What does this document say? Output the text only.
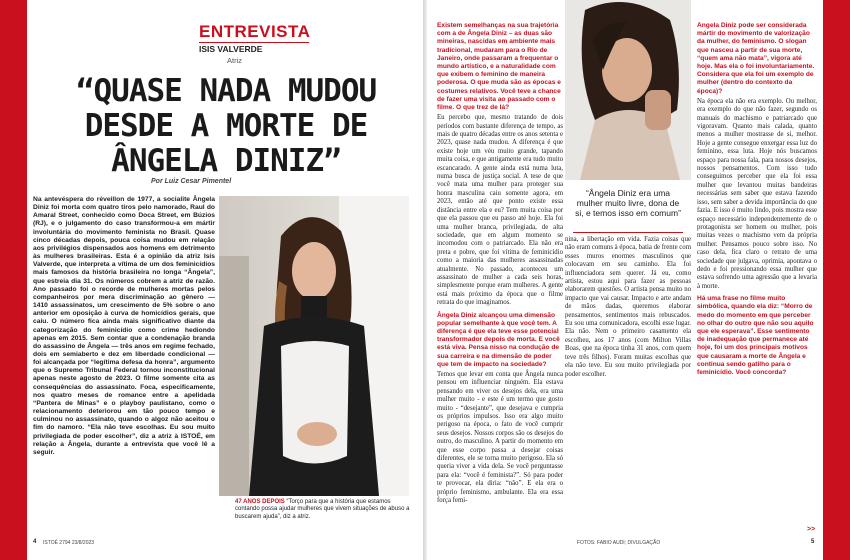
ENTREVISTA
ISIS VALVERDE
Atriz
“QUASE NADA MUDOU DESDE A MORTE DE ÂNGELA DINIZ”
Por Luiz Cesar Pimentel
Na antevéspera do réveillon de 1977, a socialite Ângela Diniz foi morta com quatro tiros pelo namorado, Raul do Amaral Street, conhecido como Doca Street, em Búzios (RJ), e o julgamento do caso transformou-a em mártir involuntária do movimento feminista no Brasil. Quase cinco décadas depois, pouca coisa mudou em relação aos privilégios dispensados aos homens em detrimento às mulheres brasileiras. Esta é a opinião da atriz Isis Valverde, que interpreta a vítima de um dos feminicídios mais famosos da história brasileira no longa “Ângela”, que estreia dia 31. Os números cobrem a atriz de razão. Ano passado foi o recorde de mulheres mortas pelos companheiros por mera discriminação ao gênero — 1410 assassinatos, um crescimento de 5% sobre o ano anterior em oposição à curva de homicídios gerais, que caiu. O número fica ainda mais significativo diante da categorização do feminicídio como crime hediondo apenas em 2015. Sem contar que a condenação branda do assassino de Ângela — três anos em regime fechado, dois em semiaberto e dez em liberdade condicional — foi alcançada por “legítima defesa da honra”, argumento que o Supremo Tribunal Federal tornou inconstitucional apenas neste agosto de 2023. O filme somente cita as consequências do assassinato. Foca, especificamente, nos quatro meses de romance entre a apelidada “Pantera de Minas” e o playboy paulistano, como o relacionamento deteriorou em tão pouco tempo e culminou no assassinato, quando o algoz não aceitou o fim do namoro. “Ela não teve escolhas. Eu sou muito privilegiada de poder escolher”, diz a atriz à ISTOÉ, em relação a Ângela, durante a entrevista que você lê a seguir.
47 ANOS DEPOIS “Torço para que a história que estamos contando possa ajudar mulheres que vivem situações de abuso a buscarem ajuda”, diz a atriz.
4 ISTOÉ 2794 23/8/2023

Existem semelhanças na sua trajetória com a de Ângela Diniz – as duas são mineiras, nascidas em ambiente mais tradicional, mudaram para o Rio de Janeiro, onde passaram a frequentar o mundo artístico, e a naturalidade com que exibem o feminino de maneira poderosa. O que muda são as épocas e costumes relativos. Você teve a chance de fazer uma visita ao passado com o filme. O que trez de lá?

Eu percebo que, mesmo tratando de dois períodos com bastante diferença de tempo, as mais de quatro décadas entre os anos setenta e 2023, quase nada mudou. A diferença é que existe hoje um véu muito grande, tapando muita coisa, e que antigamente era tudo muito escancarado. A gente ainda está numa luta, numa busca de justiça social. A tese de que você mata uma mulher para proteger sua honra masculina caiu somente agora, em 2023, então até que ponto existe essa distância entre ela e eu? Tem muita coisa por que ela passou que eu passo até hoje. Ela foi uma mulher branca, privilegiada, de alta sociedade, que em algum momento se incomodou com o patriarcado. Ela não era preta e pobre, que foi vítima de feminicídio como a maioria das mulheres assassinadas atualmente. No passado, aconteceu um assassinato de mulher a cada seis horas, simplesmente porque eram mulheres. A gente está mais próximo da época que o filme retrata do que imaginamos.

Ângela Diniz alcançou uma dimensão popular semelhante à que você tem. A diferença é que ela teve esse potencial transformador depois de morta. E você está viva. Pensa nisso na condução de sua carreira e na dimensão de poder que tem de impacto na sociedade?

Temos que levar em conta que Ângela nunca pensou em influenciar ninguém. Ela estava pensando em viver os desejos dela, era uma mulher muito - e este é um termo que gosto muito - “desejante”, que desejava e cumpria os próprios impulsos. Isso era algo muito perigoso na época, o fato de você cumprir seus desejos. Nossos corpos são os desejos do outro, do masculino. A partir do momento em que esse corpo passa a desejar coisas diferentes, ele se torna muito perigoso. Ela só queria viver a vida dela. Se você perguntasse para ela: “você é feminista?”. Só para poder te provocar, ela diria: “não”. E ela era o próprio feminismo, ambulante. Ela era essa força femi-

“Ângela Diniz era uma mulher muito livre, dona de si, e temos isso em comum”

nina, a libertação em vida. Fazia coisas que não eram comuns à época, batia de frente com esses muros enormes masculinos que colocavam em seu caminho. Ela foi influenciadora sem querer. Já eu, como artista, estou aqui para fazer as pessoas elaborarem questões. O artista pensa muito no impacto que vai causar. Impacto e arte andam de mãos dadas, queremos elaborar pensamentos, sentimentos mais rebuscados. Eu sou uma comunicadora, escolhi esse lugar. Ela não. Nem o primeiro casamento ela escolheu, aos 17 anos (com Milton Villas Boas, que na época tinha 31 anos, com quem teve três filhos). Foram muitas escolhas que ela não teve. Eu sou muito privilegiada por poder escolher.

Ângela Diniz pode ser considerada mártir do movimento de valorização da mulher, do feminismo. O slogan que nasceu a partir de sua morte, “quem ama não mata”, vigora até hoje. Mas ela o foi involuntariamente. Considera que ela foi um exemplo de mulher (dentro do contexto da época)?

Na época ela não era exemplo. Ou melhor, era exemplo do que não fazer, segundo os manuais do machismo e patriarcado que vigoravam. Quanto mais calada, quanto menos a mulher mostrasse de si, melhor. Hoje a gente consegue enxergar essa luz do feminino, essa luta. Hoje nós buscamos espaço para nossa fala, para nossos desejos, nossos pensamentos. Com isso tudo conseguimos perceber que ela foi essa mulher que levantou muitas bandeiras necessárias sem saber que estava fazendo isso, sem saber a devida importância do que fazia. E isso é muito lindo, pois mostra esse espaço necessário independentemente de o protagonista ser homem ou mulher, pois muitas vezes o machismo vem da própria mulher. Pensamos pouco sobre isso. No caso dela, fica claro o retrato de uma sociedade que julgava, oprimia, apontava o dedo e foi pressionando essa mulher que estava sofrendo uma agressão que a levaria à morte.

Há uma frase no filme muito simbólica, quando ela diz: “Morro de medo do momento em que perceber no olhar do outro que não sou aquilo que ele esperava”. Esse sentimento de inadequação que permanece até hoje, foi um dos principais motivos que causaram a morte de Ângela e continua sendo gatilho para o feminicídio. Você concorda?

>>
FOTOS: FABIO AUDI; DIVULGAÇÃO	5
